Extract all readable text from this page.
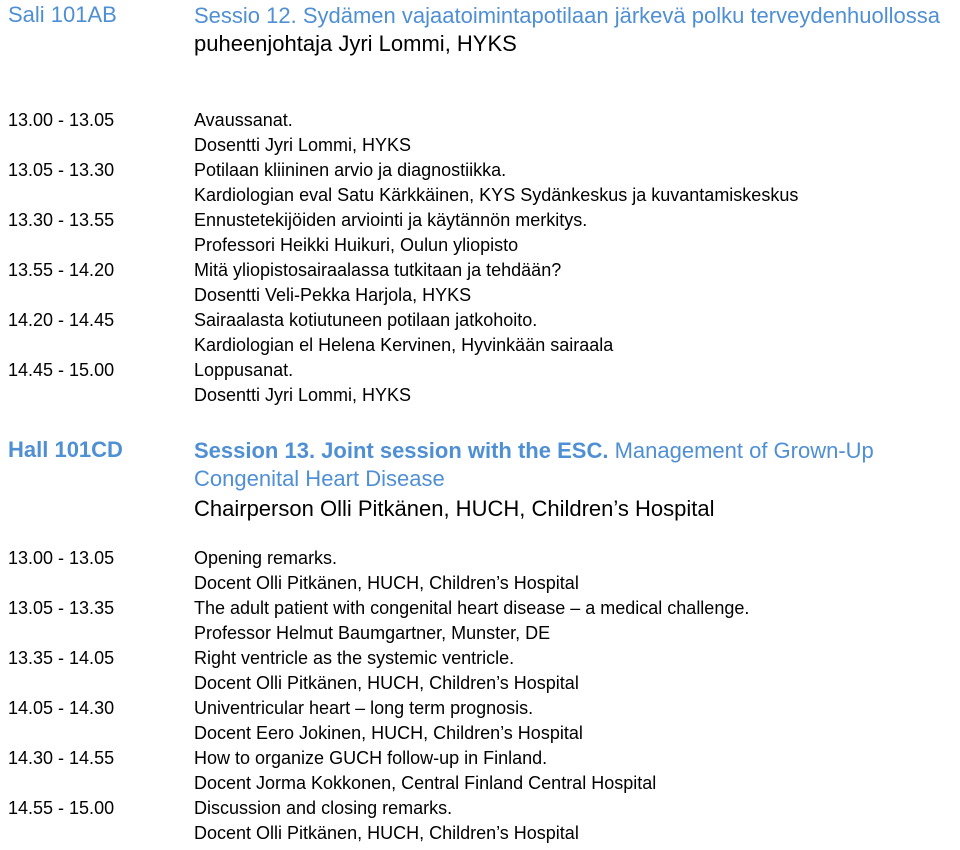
Sali 101AB	Sessio 12. Sydämen vajaatoimintapotilaan järkevä polku terveydenhuollossa
puheenjohtaja Jyri Lommi, HYKS
13.00 - 13.05	Avaussanat.
Dosentti Jyri Lommi, HYKS
13.05 - 13.30	Potilaan kliininen arvio ja diagnostiikka.
Kardiologian eval Satu Kärkkäinen, KYS Sydänkeskus ja kuvantamiskeskus
13.30 - 13.55	Ennustetekijöiden arviointi ja käytännön merkitys.
Professori Heikki Huikuri, Oulun yliopisto
13.55 - 14.20	Mitä yliopistosairaalassa tutkitaan ja tehdään?
Dosentti Veli-Pekka Harjola, HYKS
14.20 - 14.45	Sairaalasta kotiutuneen potilaan jatkohoito.
Kardiologian el Helena Kervinen, Hyvinkään sairaala
14.45 - 15.00	Loppusanat.
Dosentti Jyri Lommi, HYKS
Hall 101CD	Session 13. Joint session with the ESC. Management of Grown-Up Congenital Heart Disease
Chairperson Olli Pitkänen, HUCH, Children’s Hospital
13.00 - 13.05	Opening remarks.
Docent Olli Pitkänen, HUCH, Children’s Hospital
13.05 - 13.35	The adult patient with congenital heart disease – a medical challenge.
Professor Helmut Baumgartner, Munster, DE
13.35 - 14.05	Right ventricle as the systemic ventricle.
Docent Olli Pitkänen, HUCH, Children’s Hospital
14.05 - 14.30	Univentricular heart – long term prognosis.
Docent Eero Jokinen, HUCH, Children’s Hospital
14.30 - 14.55	How to organize GUCH follow-up in Finland.
Docent Jorma Kokkonen, Central Finland Central Hospital
14.55 - 15.00	Discussion and closing remarks.
Docent Olli Pitkänen, HUCH, Children’s Hospital
